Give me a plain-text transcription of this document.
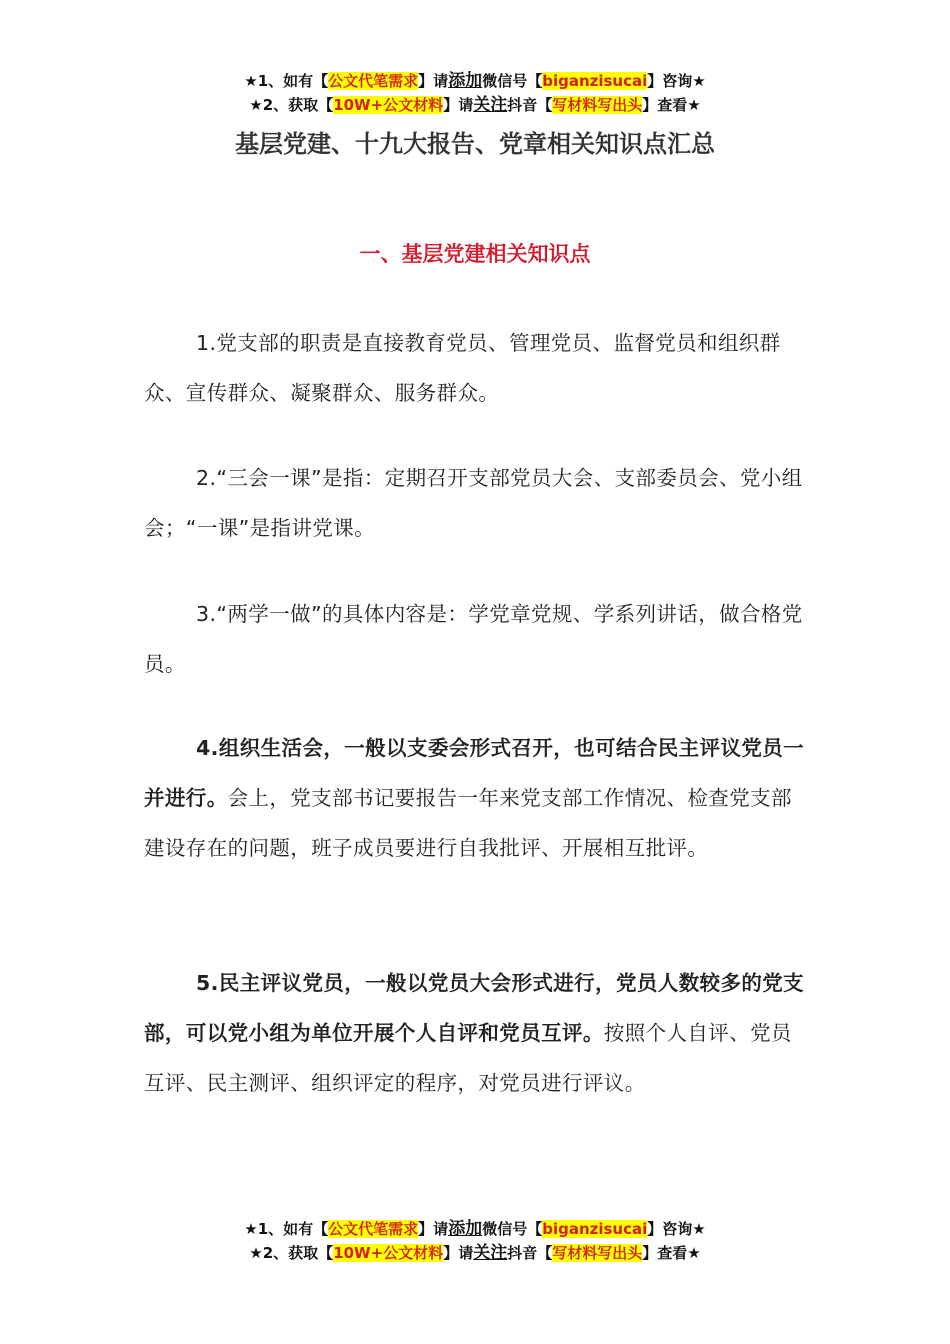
★1、如有【公文代笔需求】请添加微信号【biganzisucai】咨询★
★2、获取【10W+公文材料】请关注抖音【写材料写出头】查看★
基层党建、十九大报告、党章相关知识点汇总
一、基层党建相关知识点
1.党支部的职责是直接教育党员、管理党员、监督党员和组织群众、宣传群众、凝聚群众、服务群众。
2.“三会一课”是指：定期召开支部党员大会、支部委员会、党小组会；“一课”是指讲党课。
3.“两学一做”的具体内容是：学党章党规、学系列讲话，做合格党员。
4.组织生活会，一般以支委会形式召开，也可结合民主评议党员一并进行。会上，党支部书记要报告一年来党支部工作情况、检查党支部建设存在的问题，班子成员要进行自我批评、开展相互批评。
5.民主评议党员，一般以党员大会形式进行，党员人数较多的党支部，可以党小组为单位开展个人自评和党员互评。按照个人自评、党员互评、民主测评、组织评定的程序，对党员进行评议。
★1、如有【公文代笔需求】请添加微信号【biganzisucai】咨询★
★2、获取【10W+公文材料】请关注抖音【写材料写出头】查看★
